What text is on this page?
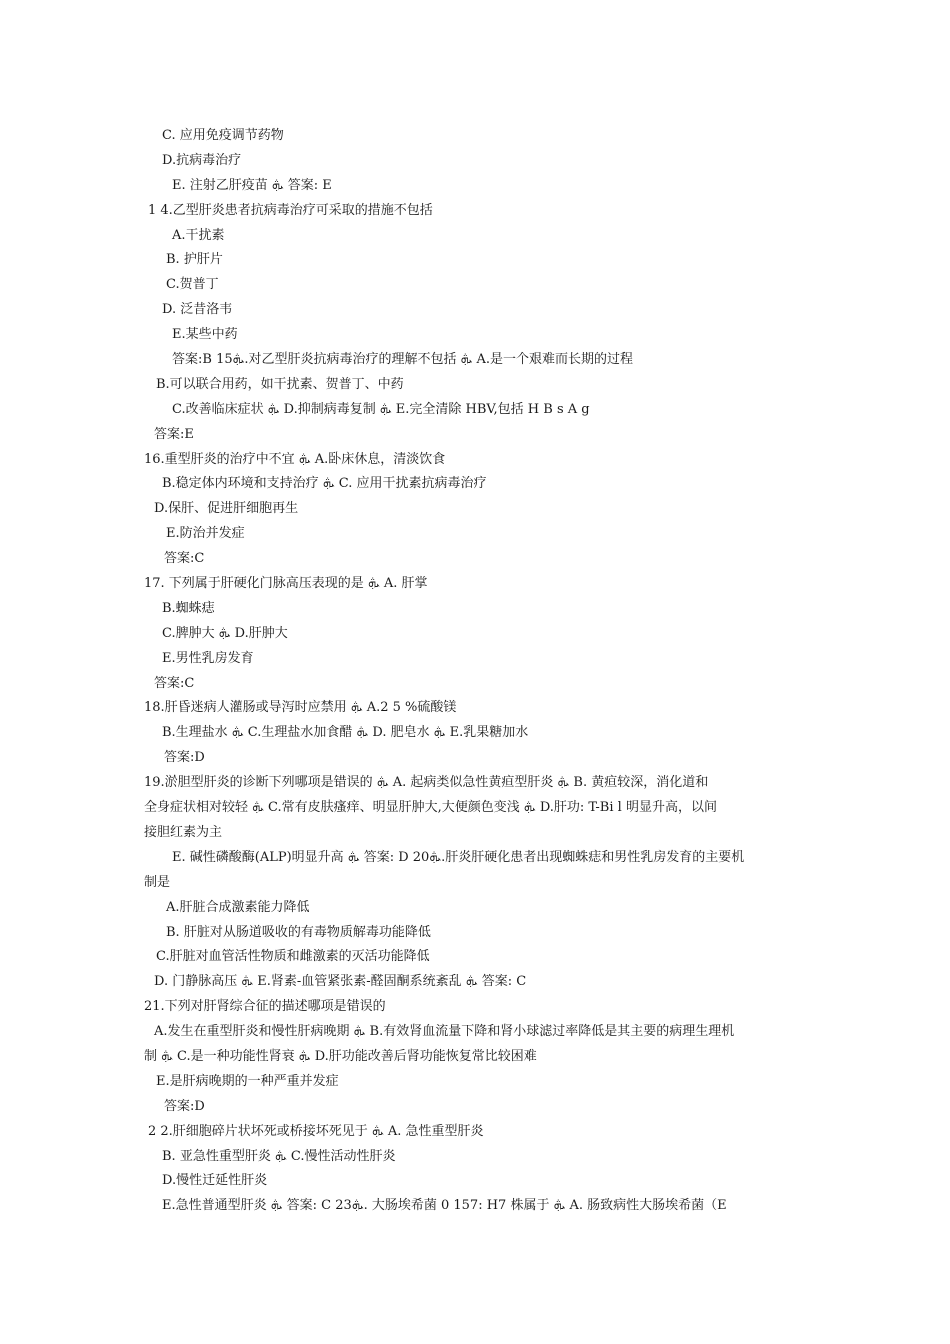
C. 应用免疫调节药物
D.抗病毒治疗
E. 注射乙肝疫苗 ܞ 答案: E
1 4.乙型肝炎患者抗病毒治疗可采取的措施不包括
A.干扰素
B. 护肝片
C.贺普丁
D. 泛昔洛韦
E.某些中药
答案:B 15ܞ.对乙型肝炎抗病毒治疗的理解不包括 ܞ A.是一个艰难而长期的过程
B.可以联合用药，如干扰素、贺普丁、中药
C.改善临床症状 ܞ D.抑制病毒复制 ܞ E.完全清除 HBV,包括 H B s A g
答案:E
16.重型肝炎的治疗中不宜 ܞ A.卧床休息，清淡饮食
B.稳定体内环境和支持治疗 ܞ C. 应用干扰素抗病毒治疗
D.保肝、促进肝细胞再生
E.防治并发症
答案:C
17. 下列属于肝硬化门脉高压表现的是 ܞ A. 肝掌
B.蜘蛛痣
C.脾肿大 ܞ D.肝肿大
E.男性乳房发育
答案:C
18.肝昏迷病人灌肠或导泻时应禁用 ܞ A.2 5 %硫酸镁
B.生理盐水 ܞ C.生理盐水加食醋 ܞ D. 肥皂水 ܞ E.乳果糖加水
答案:D
19.淤胆型肝炎的诊断下列哪项是错误的 ܞ A. 起病类似急性黄疸型肝炎 ܞ B. 黄疸较深，消化道和
全身症状相对较轻 ܞ C.常有皮肤瘙痒、明显肝肿大,大便颜色变浅 ܞ D.肝功: T-Bi l 明显升高，以间
接胆红素为主
E. 碱性磷酸酶(ALP)明显升高 ܞ 答案: D 20ܞ.肝炎肝硬化患者出现蜘蛛痣和男性乳房发育的主要机
制是
A.肝脏合成激素能力降低
B. 肝脏对从肠道吸收的有毒物质解毒功能降低
C.肝脏对血管活性物质和雌激素的灭活功能降低
D. 门静脉高压 ܞ E.肾素-血管紧张素-醛固酮系统紊乱 ܞ 答案: C
21.下列对肝肾综合征的描述哪项是错误的
A.发生在重型肝炎和慢性肝病晚期 ܞ B.有效肾血流量下降和肾小球滤过率降低是其主要的病理生理机
制 ܞ C.是一种功能性肾衰 ܞ D.肝功能改善后肾功能恢复常比较困难
E.是肝病晚期的一种严重并发症
答案:D
2 2.肝细胞碎片状坏死或桥接坏死见于 ܞ A. 急性重型肝炎
B. 亚急性重型肝炎 ܞ C.慢性活动性肝炎
D.慢性迁延性肝炎
E.急性普通型肝炎 ܞ 答案: C 23ܞ. 大肠埃希菌 0 157: H7 株属于 ܞ A. 肠致病性大肠埃希菌（E
